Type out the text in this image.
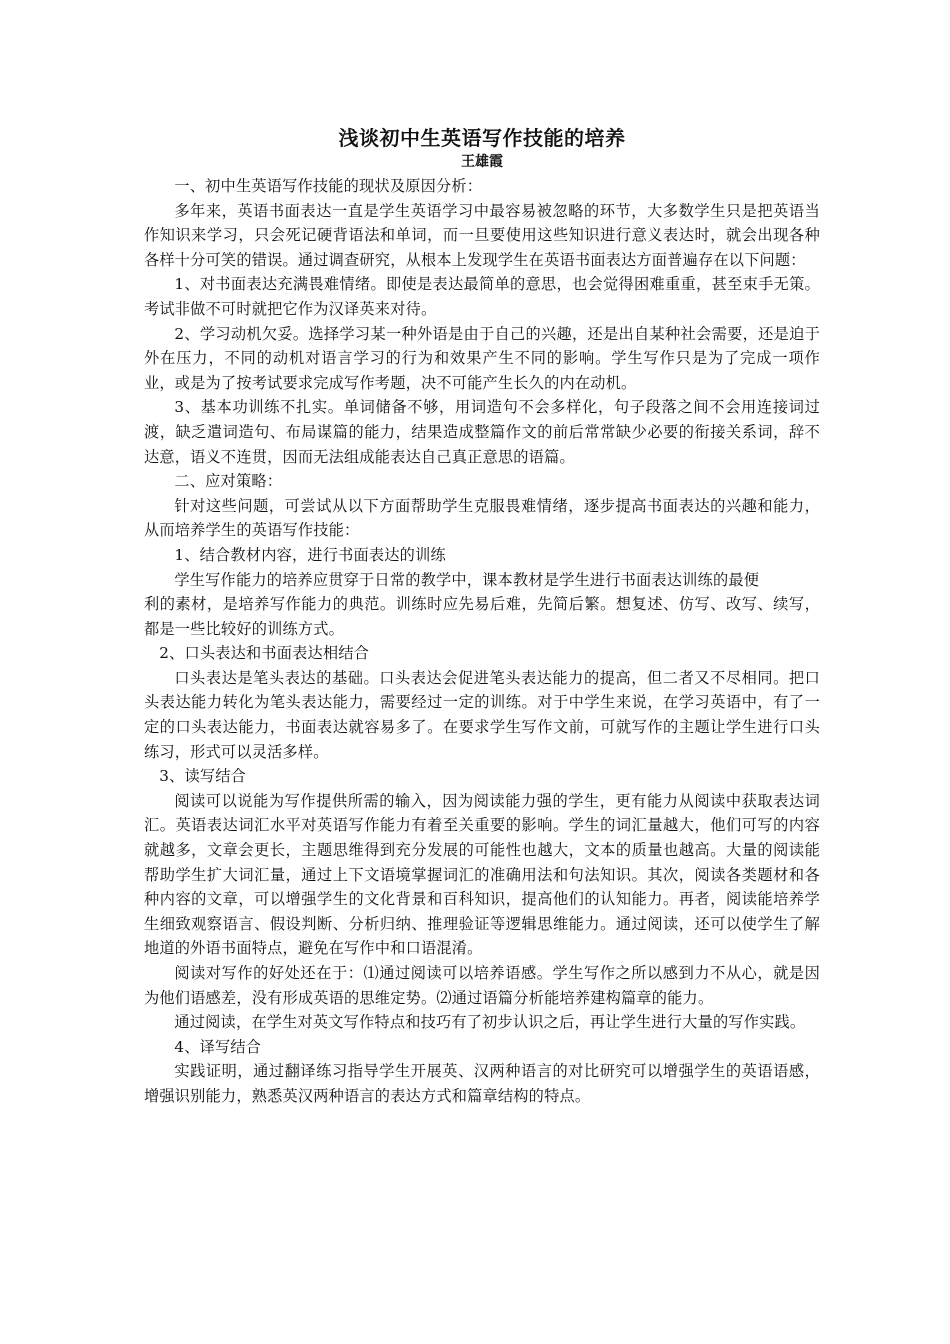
浅谈初中生英语写作技能的培养
王雄霞

一、初中生英语写作技能的现状及原因分析：

多年来，英语书面表达一直是学生英语学习中最容易被忽略的环节，大多数学生只是把英语当作知识来学习，只会死记硬背语法和单词，而一旦要使用这些知识进行意义表达时，就会出现各种各样十分可笑的错误。通过调查研究，从根本上发现学生在英语书面表达方面普遍存在以下问题：

1、对书面表达充满畏难情绪。即使是表达最简单的意思，也会觉得困难重重，甚至束手无策。考试非做不可时就把它作为汉译英来对待。

2、学习动机欠妥。选择学习某一种外语是由于自己的兴趣，还是出自某种社会需要，还是迫于外在压力，不同的动机对语言学习的行为和效果产生不同的影响。学生写作只是为了完成一项作业，或是为了按考试要求完成写作考题，决不可能产生长久的内在动机。

3、基本功训练不扎实。单词储备不够，用词造句不会多样化，句子段落之间不会用连接词过渡，缺乏遣词造句、布局谋篇的能力，结果造成整篇作文的前后常常缺少必要的衔接关系词，辞不达意，语义不连贯，因而无法组成能表达自己真正意思的语篇。

二、应对策略：

针对这些问题，可尝试从以下方面帮助学生克服畏难情绪，逐步提高书面表达的兴趣和能力，从而培养学生的英语写作技能：

1、结合教材内容，进行书面表达的训练

学生写作能力的培养应贯穿于日常的教学中，课本教材是学生进行书面表达训练的最便

利的素材，是培养写作能力的典范。训练时应先易后难，先简后繁。想复述、仿写、改写、续写，都是一些比较好的训练方式。

2、口头表达和书面表达相结合

口头表达是笔头表达的基础。口头表达会促进笔头表达能力的提高，但二者又不尽相同。把口头表达能力转化为笔头表达能力，需要经过一定的训练。对于中学生来说，在学习英语中，有了一定的口头表达能力，书面表达就容易多了。在要求学生写作文前，可就写作的主题让学生进行口头练习，形式可以灵活多样。

3、读写结合

阅读可以说能为写作提供所需的输入，因为阅读能力强的学生，更有能力从阅读中获取表达词汇。英语表达词汇水平对英语写作能力有着至关重要的影响。学生的词汇量越大，他们可写的内容就越多，文章会更长，主题思维得到充分发展的可能性也越大，文本的质量也越高。大量的阅读能帮助学生扩大词汇量，通过上下文语境掌握词汇的准确用法和句法知识。其次，阅读各类题材和各种内容的文章，可以增强学生的文化背景和百科知识，提高他们的认知能力。再者，阅读能培养学生细致观察语言、假设判断、分析归纳、推理验证等逻辑思维能力。通过阅读，还可以使学生了解地道的外语书面特点，避免在写作中和口语混淆。

阅读对写作的好处还在于：⑴通过阅读可以培养语感。学生写作之所以感到力不从心，就是因为他们语感差，没有形成英语的思维定势。⑵通过语篇分析能培养建构篇章的能力。

通过阅读，在学生对英文写作特点和技巧有了初步认识之后，再让学生进行大量的写作实践。

4、译写结合

实践证明，通过翻译练习指导学生开展英、汉两种语言的对比研究可以增强学生的英语语感，增强识别能力，熟悉英汉两种语言的表达方式和篇章结构的特点。
